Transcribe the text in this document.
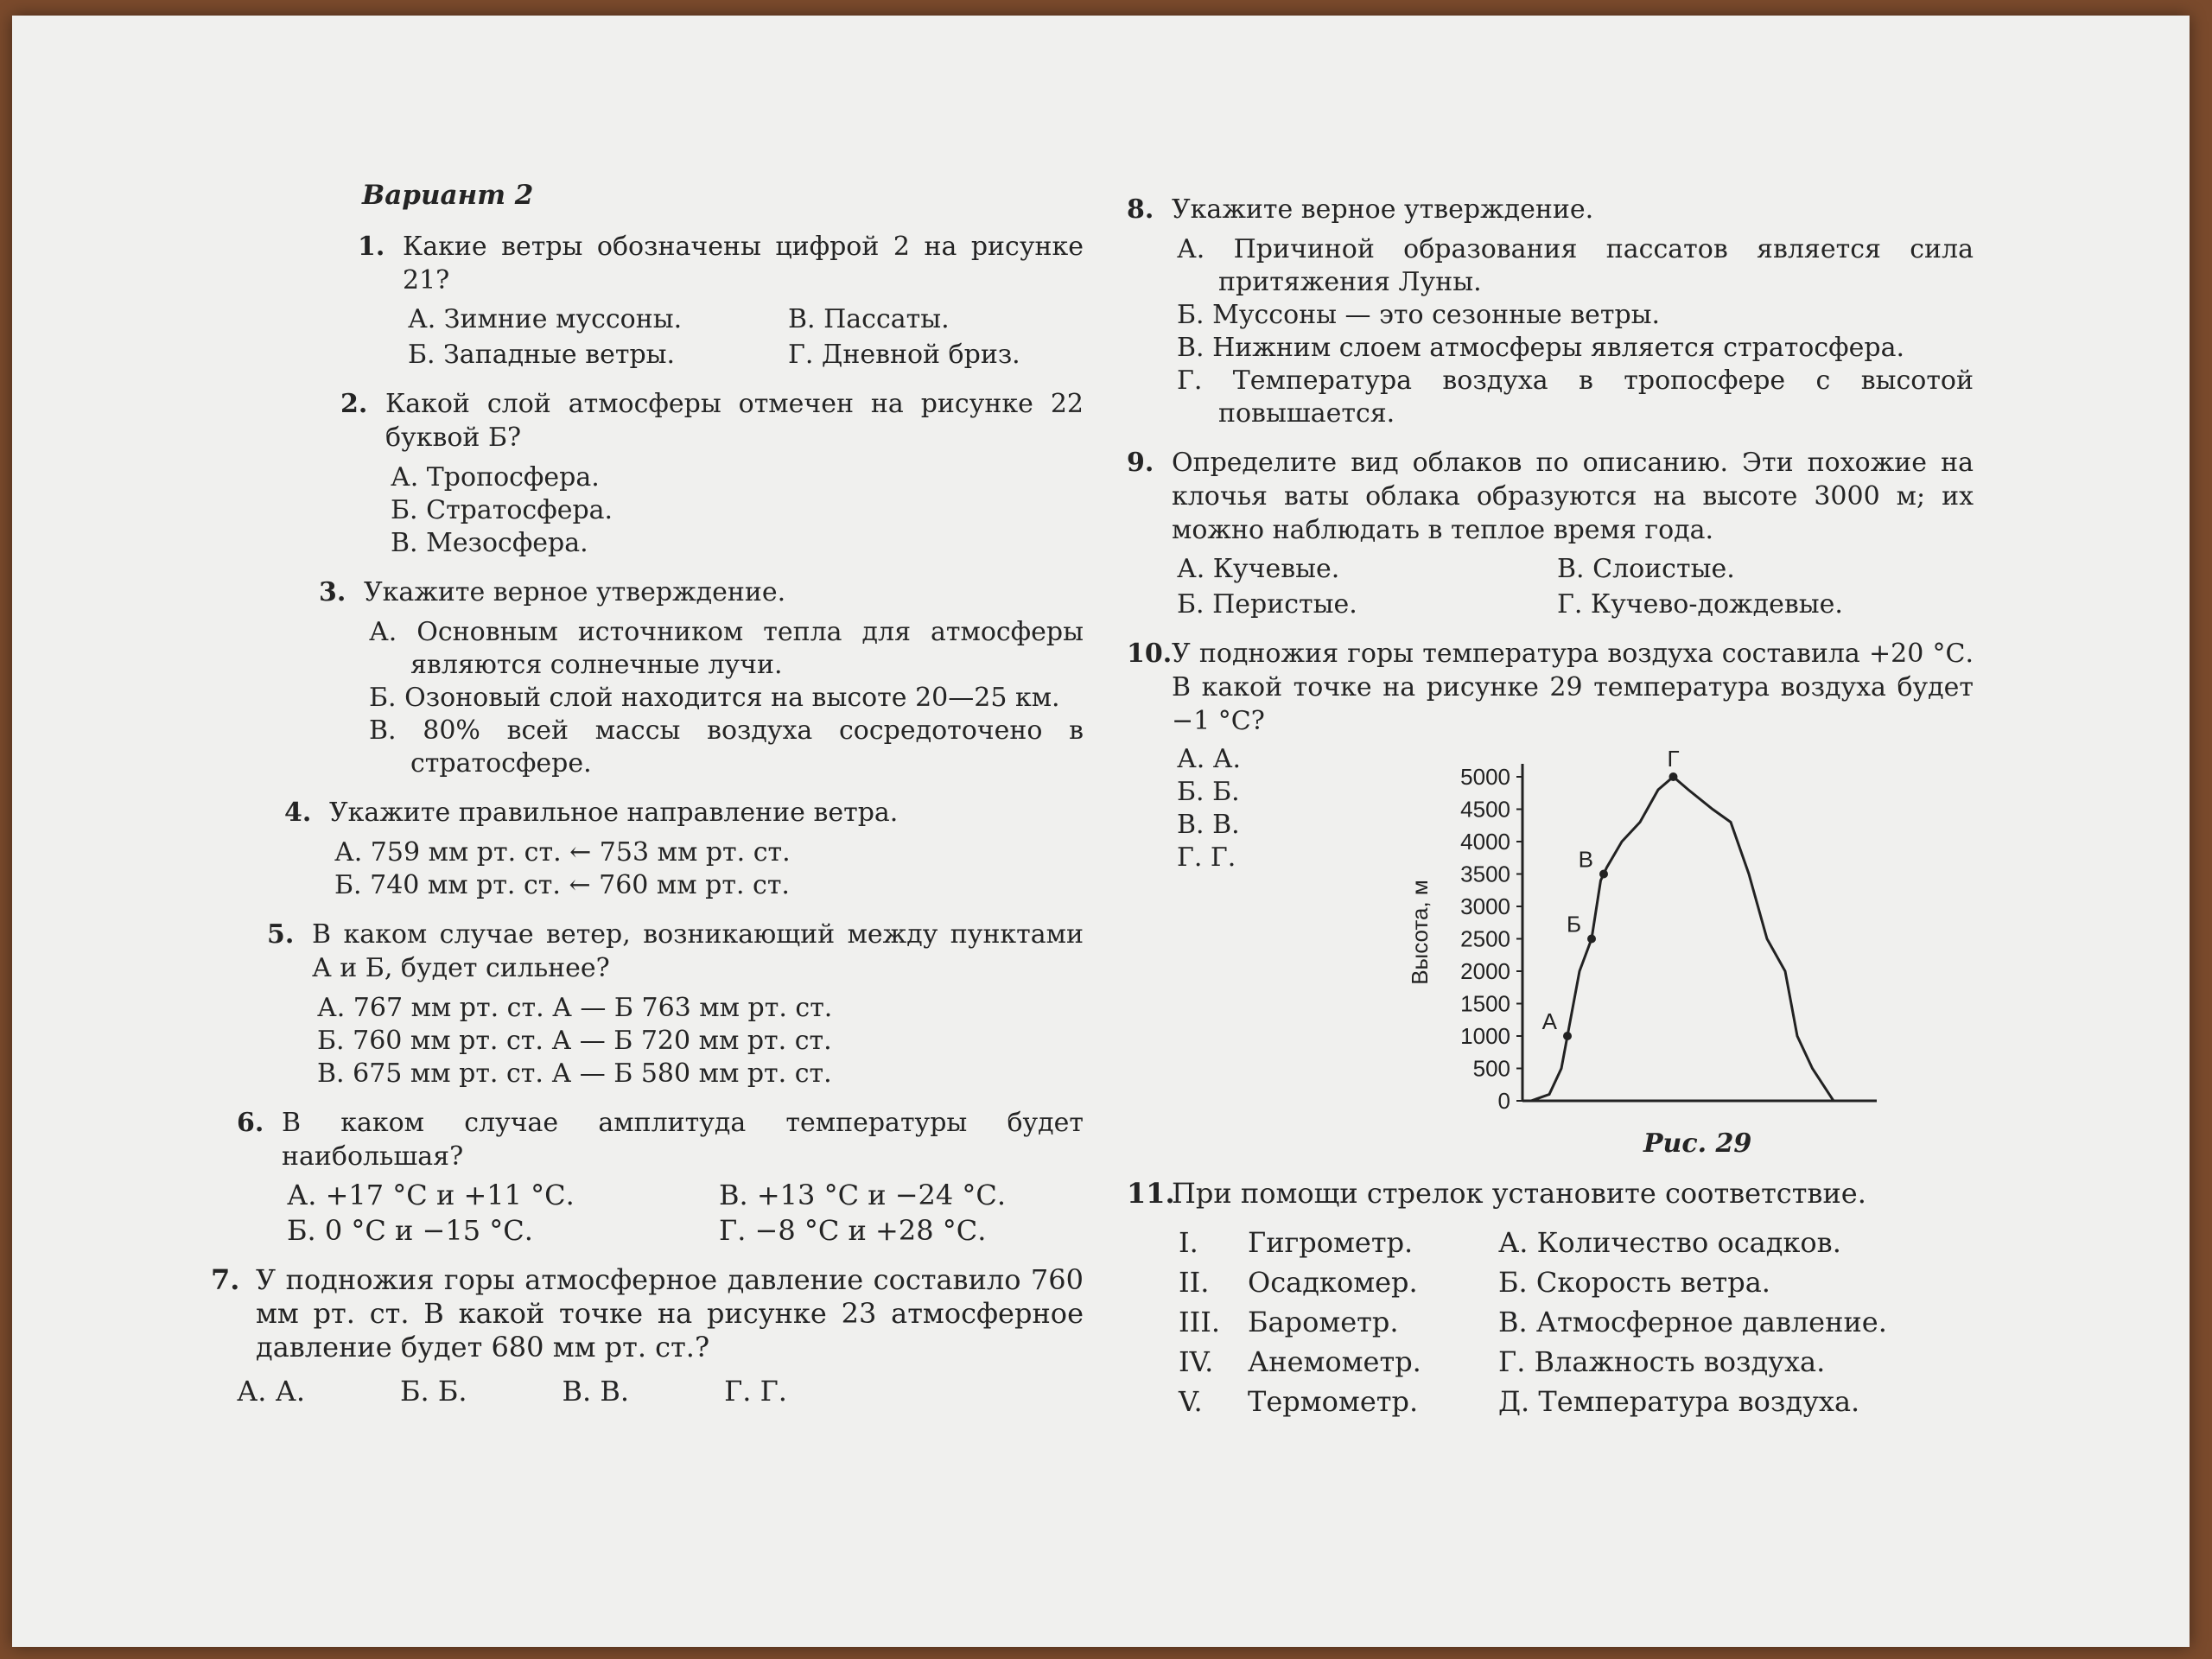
Вариант 2
1. Какие ветры обозначены цифрой 2 на рисунке 21?
А. Зимние муссоны.	В. Пассаты.
Б. Западные ветры.	Г. Дневной бриз.
2. Какой слой атмосферы отмечен на рисунке 22 буквой Б?
А. Тропосфера.
Б. Стратосфера.
В. Мезосфера.
3. Укажите верное утверждение.
А. Основным источником тепла для атмосферы являются солнечные лучи.
Б. Озоновый слой находится на высоте 20—25 км.
В. 80% всей массы воздуха сосредоточено в стратосфере.
4. Укажите правильное направление ветра.
А. 759 мм рт. ст. ← 753 мм рт. ст.
Б. 740 мм рт. ст. ← 760 мм рт. ст.
5. В каком случае ветер, возникающий между пунктами А и Б, будет сильнее?
А. 767 мм рт. ст. А — Б 763 мм рт. ст.
Б. 760 мм рт. ст. А — Б 720 мм рт. ст.
В. 675 мм рт. ст. А — Б 580 мм рт. ст.
6. В каком случае амплитуда температуры будет наибольшая?
А. +17 °С и +11 °С.	В. +13 °С и −24 °С.
Б. 0 °С и −15 °С.	Г. −8 °С и +28 °С.
7. У подножия горы атмосферное давление составило 760 мм рт. ст. В какой точке на рисунке 23 атмосферное давление будет 680 мм рт. ст.?
А. А.	Б. Б.	В. В.	Г. Г.
8. Укажите верное утверждение.
А. Причиной образования пассатов является сила притяжения Луны.
Б. Муссоны — это сезонные ветры.
В. Нижним слоем атмосферы является стратосфера.
Г. Температура воздуха в тропосфере с высотой повышается.
9. Определите вид облаков по описанию. Эти похожие на клочья ваты облака образуются на высоте 3000 м; их можно наблюдать в теплое время года.
А. Кучевые.	В. Слоистые.
Б. Перистые.	Г. Кучево-дождевые.
10. У подножия горы температура воздуха составила +20 °С. В какой точке на рисунке 29 температура воздуха будет −1 °С?
А. А.
Б. Б.
В. В.
Г. Г.
0
500
1000
1500
2000
2500
3000
3500
4000
4500
5000
Высота, м
А
Б
В
Г
Рис. 29
11.
При помощи стрелок установите соответствие.
I.	Гигрометр.	А. Количество осадков.
II.	Осадкомер.	Б. Скорость ветра.
III. Барометр.	В. Атмосферное давление.
IV.	Анемометр.	Г. Влажность воздуха.
V.	Термометр.	Д. Температура воздуха.
